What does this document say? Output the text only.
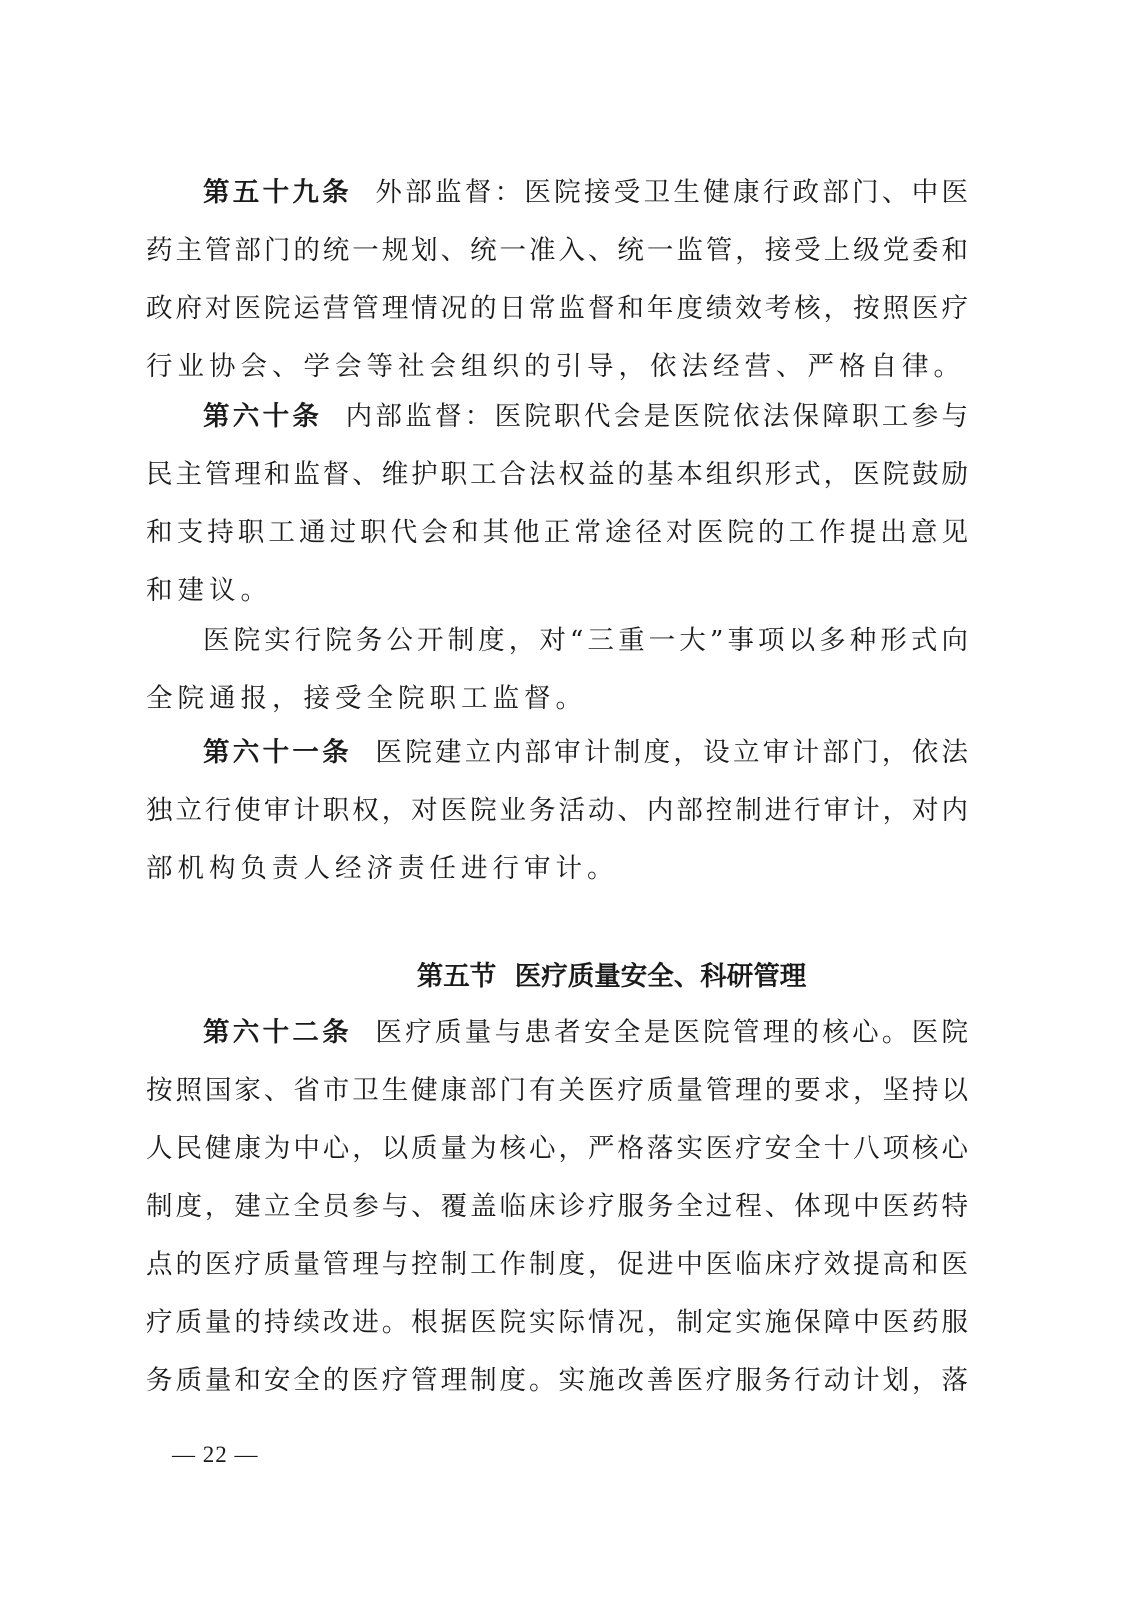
第五十九条 外部监督：医院接受卫生健康行政部门、中医
药主管部门的统一规划、统一准入、统一监管，接受上级党委和
政府对医院运营管理情况的日常监督和年度绩效考核，按照医疗
行业协会、学会等社会组织的引导，依法经营、严格自律。
第六十条 内部监督：医院职代会是医院依法保障职工参与
民主管理和监督、维护职工合法权益的基本组织形式，医院鼓励
和支持职工通过职代会和其他正常途径对医院的工作提出意见
和建议。
医院实行院务公开制度，对“三重一大”事项以多种形式向
全院通报，接受全院职工监督。
第六十一条 医院建立内部审计制度，设立审计部门，依法
独立行使审计职权，对医院业务活动、内部控制进行审计，对内
部机构负责人经济责任进行审计。
第五节  医疗质量安全、科研管理
第六十二条 医疗质量与患者安全是医院管理的核心。医院
按照国家、省市卫生健康部门有关医疗质量管理的要求，坚持以
人民健康为中心，以质量为核心，严格落实医疗安全十八项核心
制度，建立全员参与、覆盖临床诊疗服务全过程、体现中医药特
点的医疗质量管理与控制工作制度，促进中医临床疗效提高和医
疗质量的持续改进。根据医院实际情况，制定实施保障中医药服
务质量和安全的医疗管理制度。实施改善医疗服务行动计划，落
— 22 —
